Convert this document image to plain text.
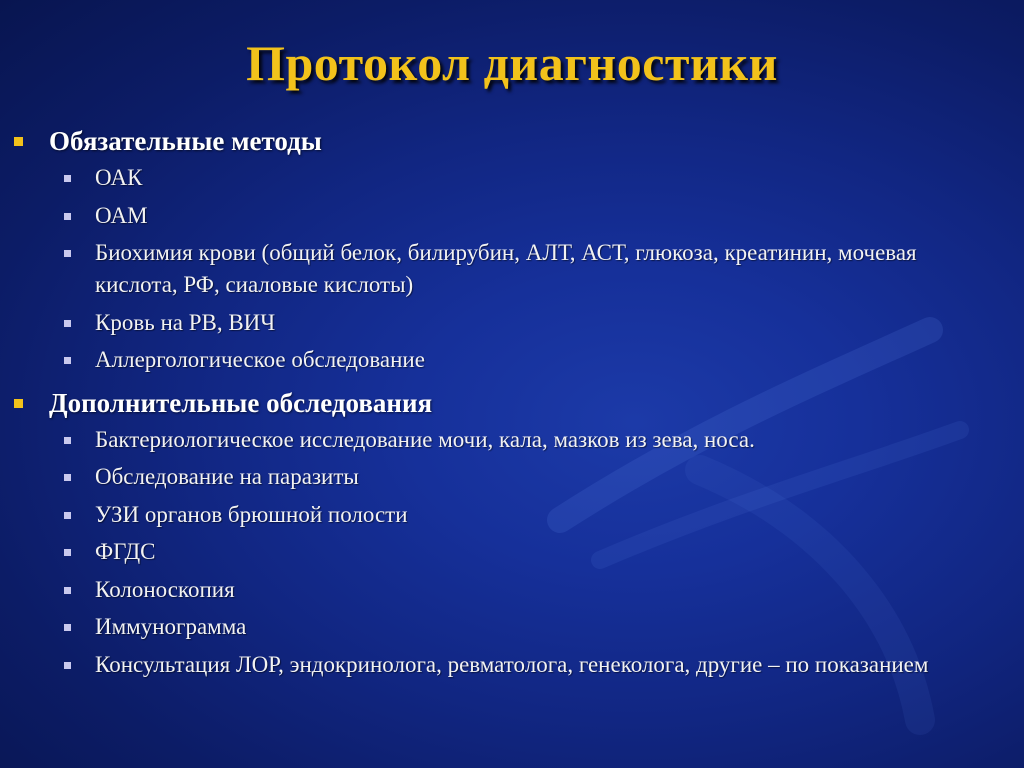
Протокол диагностики
Обязательные методы
ОАК
ОАМ
Биохимия крови (общий белок, билирубин, АЛТ, АСТ, глюкоза, креатинин, мочевая кислота, РФ, сиаловые кислоты)
Кровь на РВ, ВИЧ
Аллергологическое обследование
Дополнительные обследования
Бактериологическое исследование мочи, кала, мазков из зева, носа.
Обследование на паразиты
УЗИ органов брюшной полости
ФГДС
Колоноскопия
Иммунограмма
Консультация ЛОР, эндокринолога, ревматолога, генеколога, другие – по показанием
